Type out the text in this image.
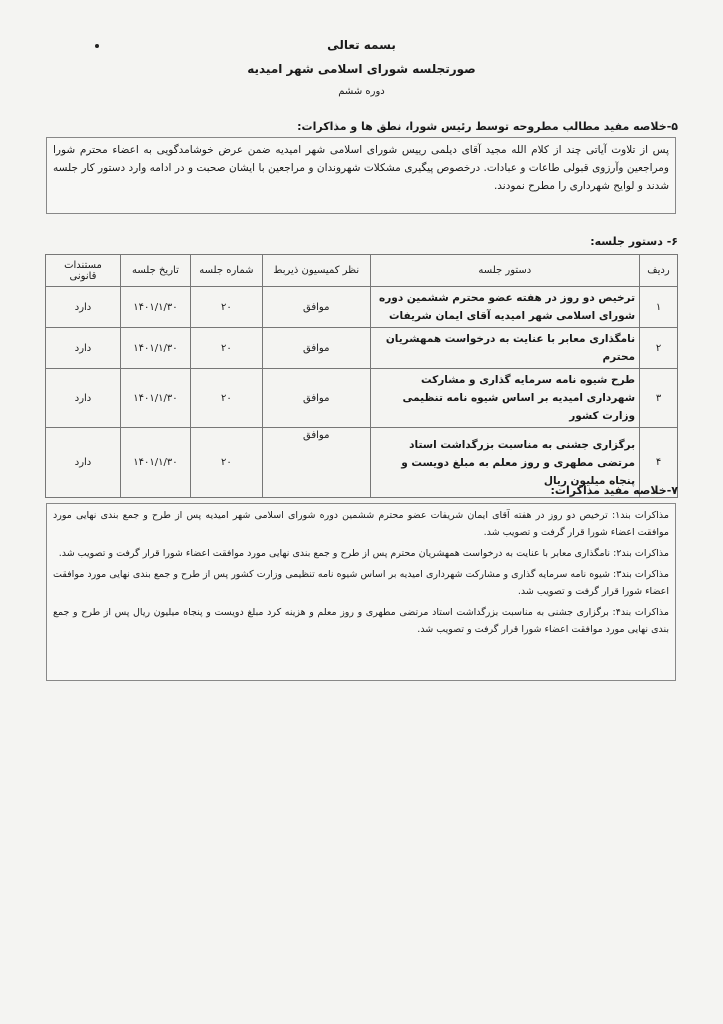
بسمه تعالی
صورتجلسه شورای اسلامی شهر امیدیه
دوره ششم
۵-خلاصه مفید مطالب مطروحه توسط رئیس شورا، نطق ها و مذاکرات:
پس از تلاوت آیاتی چند از کلام الله مجید آقای دیلمی رییس شورای اسلامی شهر امیدیه ضمن عرض خوشامدگویی به اعضاء محترم شورا ومراجعین وآرزوی قبولی طاعات و عبادات. درخصوص پیگیری مشکلات شهروندان و مراجعین با ایشان صحبت و در ادامه وارد دستور کار جلسه شدند و لوایح شهرداری را مطرح نمودند.
۶- دستور جلسه:
ردیف	دستور جلسه	نظر کمیسیون ذیربط	شماره جلسه	تاریخ جلسه	مستندات قانونی
۱	ترخیص دو روز در هفته عضو محترم ششمین دوره شورای اسلامی شهر امیدیه آقای ایمان شریفات	موافق	۲۰	۱۴۰۱/۱/۳۰	دارد
۲	نامگذاری معابر با عنایت به درخواست همهشریان محترم	موافق	۲۰	۱۴۰۱/۱/۳۰	دارد
۳	طرح شیوه نامه سرمایه گذاری و مشارکت شهرداری امیدیه بر اساس شیوه نامه تنظیمی وزارت کشور	موافق	۲۰	۱۴۰۱/۱/۳۰	دارد
۴	برگزاری جشنی به مناسبت بزرگداشت استاد مرتضی مطهری و روز معلم به مبلغ دویست و پنجاه میلیون ریال	موافق	۲۰	۱۴۰۱/۱/۳۰	دارد
۷-خلاصه مفید مذاکرات:

مذاکرات بند۱: ترخیص دو روز در هفته آقای ایمان شریفات عضو محترم ششمین دوره شورای اسلامی شهر امیدیه پس از طرح و جمع بندی نهایی مورد موافقت اعضاء شورا قرار گرفت و تصویب شد.

مذاکرات بند۲: نامگذاری معابر با عنایت به درخواست همهشریان محترم پس از طرح و جمع بندی نهایی مورد موافقت اعضاء شورا قرار گرفت و تصویب شد.

مذاکرات بند۳: شیوه نامه سرمایه گذاری و مشارکت شهرداری امیدیه بر اساس شیوه نامه تنظیمی وزارت کشور پس از طرح و جمع بندی نهایی مورد موافقت اعضاء شورا قرار گرفت و تصویب شد.

مذاکرات بند۴: برگزاری جشنی به مناسبت بزرگداشت استاد مرتضی مطهری و روز معلم و هزینه کرد مبلغ دویست و پنجاه میلیون ریال پس از طرح و جمع بندی نهایی مورد موافقت اعضاء شورا قرار گرفت و تصویب شد.
